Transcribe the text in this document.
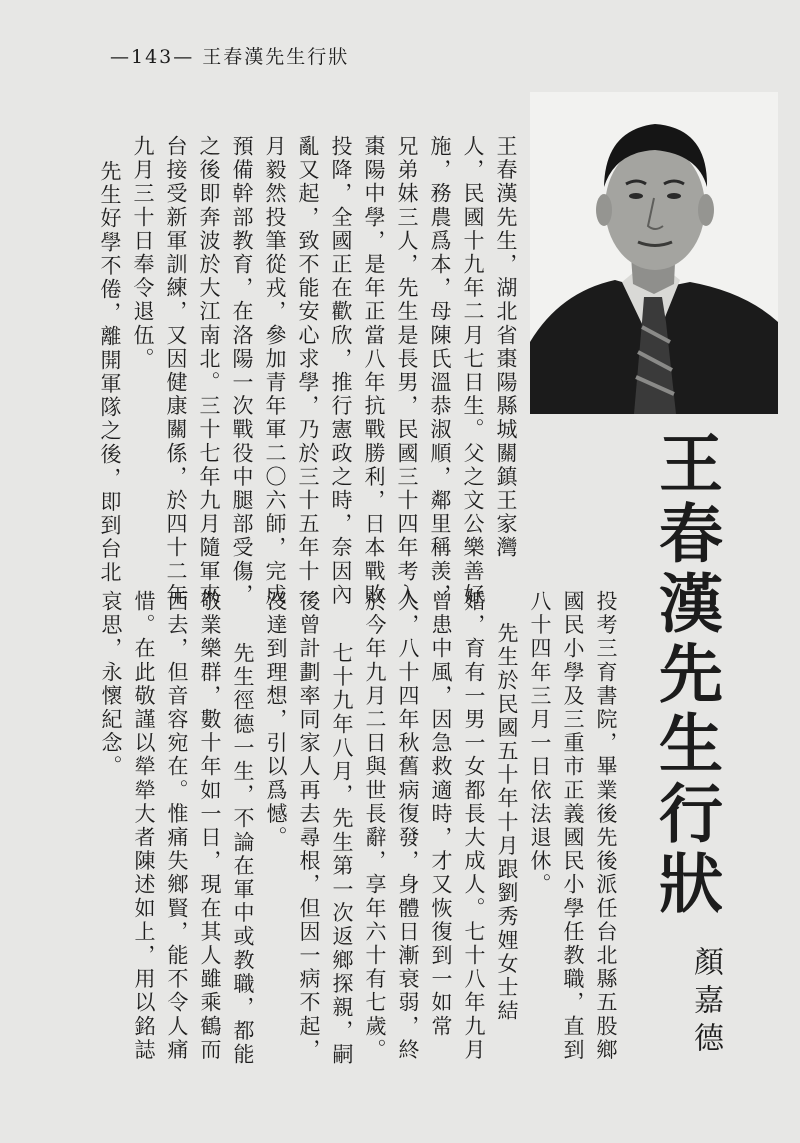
—143— 王春漢先生行狀
王春漢先生，湖北省棗陽縣城關鎮王家灣
人，民國十九年二月七日生。父之文公樂善好
施，務農爲本，母陳氏溫恭淑順，鄰里稱羡，
兄弟妹三人，先生是長男，民國三十四年考入
棗陽中學，是年正當八年抗戰勝利，日本戰敗
投降，全國正在歡欣，推行憲政之時，奈因內
亂又起，致不能安心求學，乃於三十五年十一
月毅然投筆從戎，參加青年軍二〇六師，完成
預備幹部教育，在洛陽一次戰役中腿部受傷，
之後即奔波於大江南北。三十七年九月隨軍來
台接受新軍訓練，又因健康關係，於四十二年
九月三十日奉令退伍。
先生好學不倦，離開軍隊之後，即到台北
王春漢先生行狀
投考三育書院，畢業後先後派任台北縣五股鄉
國民小學及三重市正義國民小學任教職，直到
八十四年三月一日依法退休。
先生於民國五十年十月跟劉秀娌女士結
婚，育有一男一女都長大成人。七十八年九月
曾患中風，因急救適時，才又恢復到一如常
人，八十四年秋舊病復發，身體日漸衰弱，終
於今年九月二日與世長辭，享年六十有七歲。
七十九年八月，先生第一次返鄉探親，嗣
後曾計劃率同家人再去尋根，但因一病不起，
沒達到理想，引以爲憾。
先生徑德一生，不論在軍中或教職，都能
敬業樂群，數十年如一日，現在其人雖乘鶴而
西去，但音容宛在。惟痛失鄉賢，能不令人痛
惜。在此敬謹以犖犖大者陳述如上，用以銘誌
哀思，永懷紀念。
顏嘉德
